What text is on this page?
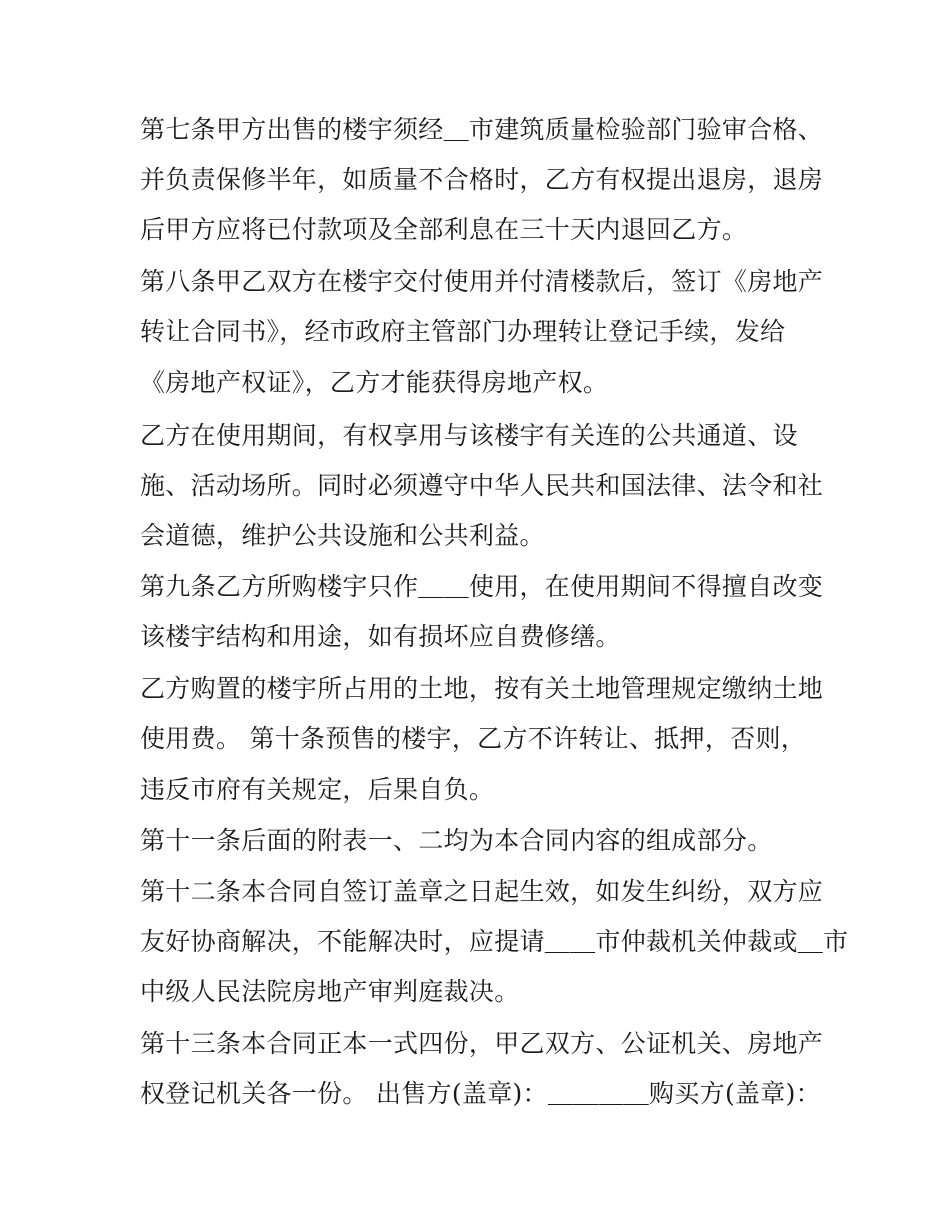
第七条甲方出售的楼宇须经＿市建筑质量检验部门验审合格、
并负责保修半年，如质量不合格时，乙方有权提出退房，退房
后甲方应将已付款项及全部利息在三十天内退回乙方。
第八条甲乙双方在楼宇交付使用并付清楼款后，签订《房地产
转让合同书》，经市政府主管部门办理转让登记手续，发给
《房地产权证》，乙方才能获得房地产权。
乙方在使用期间，有权享用与该楼宇有关连的公共通道、设
施、活动场所。同时必须遵守中华人民共和国法律、法令和社
会道德，维护公共设施和公共利益。
第九条乙方所购楼宇只作＿＿使用，在使用期间不得擅自改变
该楼宇结构和用途，如有损坏应自费修缮。
乙方购置的楼宇所占用的土地，按有关土地管理规定缴纳土地
使用费。 第十条预售的楼宇，乙方不许转让、抵押，否则，
违反市府有关规定，后果自负。
第十一条后面的附表一、二均为本合同内容的组成部分。
第十二条本合同自签订盖章之日起生效，如发生纠纷，双方应
友好协商解决，不能解决时，应提请＿＿市仲裁机关仲裁或＿市
中级人民法院房地产审判庭裁决。
第十三条本合同正本一式四份，甲乙双方、公证机关、房地产
权登记机关各一份。 出售方(盖章)：＿＿＿＿购买方(盖章)：
